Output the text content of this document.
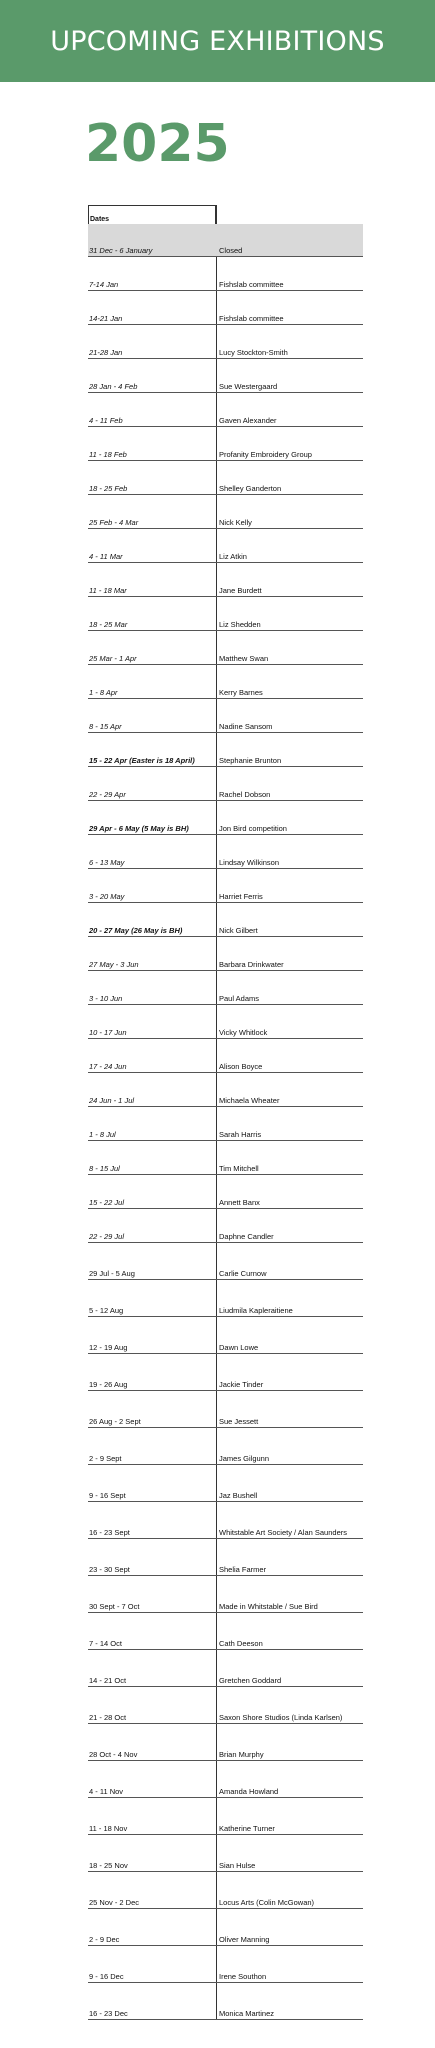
UPCOMING EXHIBITIONS
2025
Dates
31 Dec - 6 January	Closed
7-14 Jan	Fishslab committee
14-21 Jan	Fishslab committee
21-28 Jan	Lucy Stockton-Smith
28 Jan - 4 Feb	Sue Westergaard
4 - 11 Feb	Gaven Alexander
11 - 18 Feb	Profanity Embroidery Group
18 - 25 Feb	Shelley Ganderton
25 Feb - 4 Mar	Nick Kelly
4 - 11 Mar	Liz Atkin
11 - 18 Mar	Jane Burdett
18 - 25 Mar	Liz Shedden
25 Mar - 1 Apr	Matthew Swan
1 - 8 Apr	Kerry Barnes
8 - 15 Apr	Nadine Sansom
15 - 22 Apr (Easter is 18 April)	Stephanie Brunton
22 - 29 Apr	Rachel Dobson
29 Apr - 6 May (5 May is BH)	Jon Bird competition
6 - 13 May	Lindsay Wilkinson
3 - 20 May	Harriet Ferris
20 - 27 May (26 May is BH)	Nick Gilbert
27 May - 3 Jun	Barbara Drinkwater
3 - 10 Jun	Paul Adams
10 - 17 Jun	Vicky Whitlock
17 - 24 Jun	Alison Boyce
24 Jun - 1 Jul	Michaela Wheater
1 - 8 Jul	Sarah Harris
8 - 15 Jul	Tim Mitchell
15 - 22 Jul	Annett Banx
22 - 29 Jul	Daphne Candler
29 Jul - 5 Aug	Carlie Curnow
5 - 12 Aug	Liudmila Kapleraitiene
12 - 19 Aug	Dawn Lowe
19 - 26 Aug	Jackie Tinder
26 Aug - 2 Sept	Sue Jessett
2 - 9 Sept	James Gilgunn
9 - 16 Sept	Jaz Bushell
16 - 23 Sept	Whitstable Art Society / Alan Saunders
23 - 30 Sept	Shelia Farmer
30 Sept - 7 Oct	Made in Whitstable / Sue Bird
7 - 14 Oct	Cath Deeson
14 - 21 Oct	Gretchen Goddard
21 - 28 Oct	Saxon Shore Studios (Linda Karlsen)
28 Oct - 4 Nov	Brian Murphy
4 - 11 Nov	Amanda Howland
11 - 18 Nov	Katherine Turner
18 - 25 Nov	Sian Hulse
25 Nov - 2 Dec	Locus Arts (Colin McGowan)
2 - 9 Dec	Oliver Manning
9 - 16 Dec	Irene Southon
16 - 23 Dec	Monica Martinez
